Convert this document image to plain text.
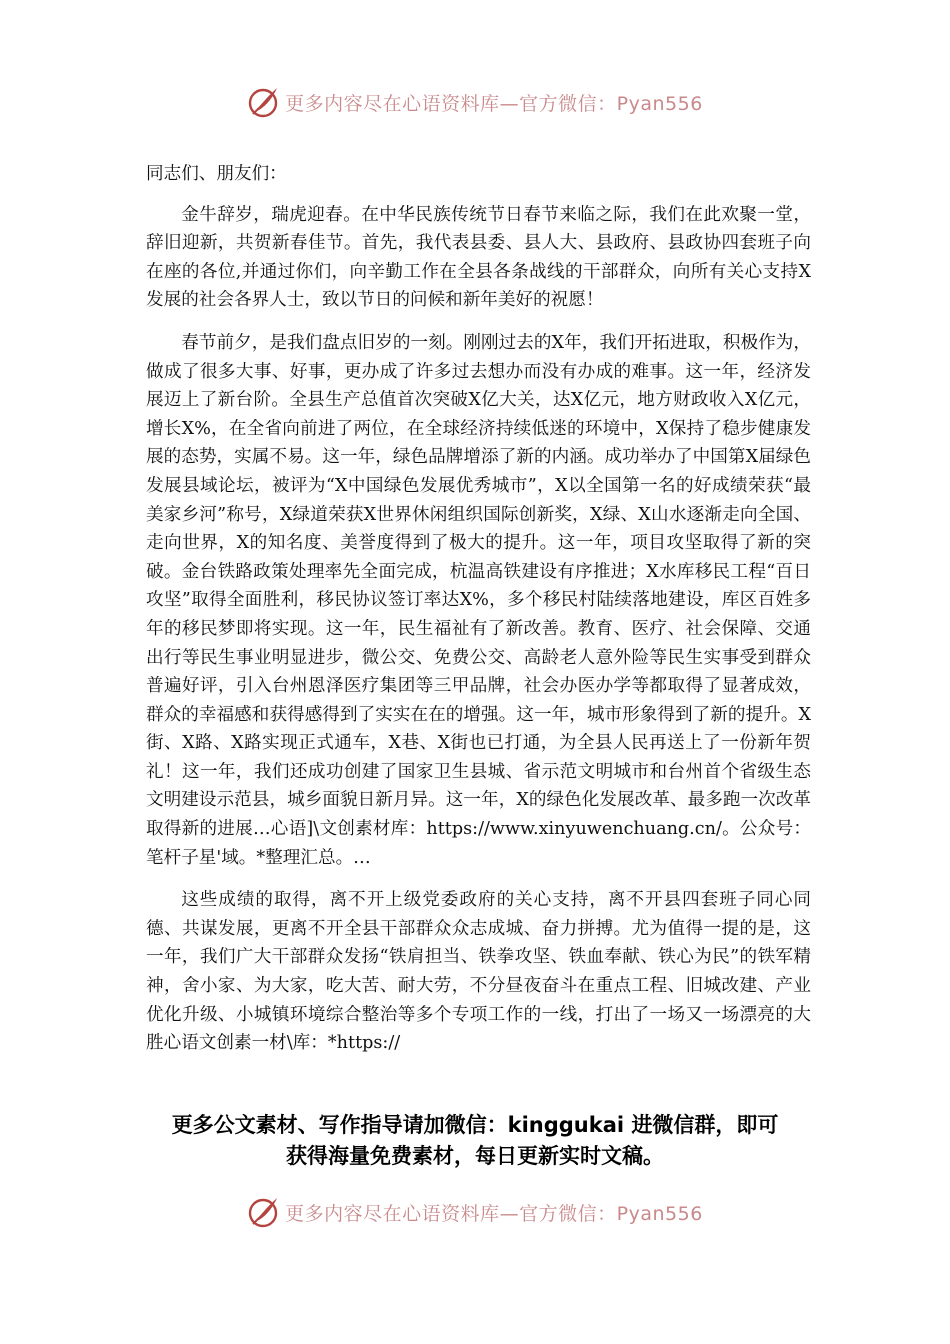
更多内容尽在心语资料库—官方微信：Pyan556

同志们、朋友们：

金牛辞岁，瑞虎迎春。在中华民族传统节日春节来临之际，我们在此欢聚一堂，辞旧迎新，共贺新春佳节。首先，我代表县委、县人大、县政府、县政协四套班子向在座的各位,并通过你们，向辛勤工作在全县各条战线的干部群众，向所有关心支持X发展的社会各界人士，致以节日的问候和新年美好的祝愿！

春节前夕，是我们盘点旧岁的一刻。刚刚过去的X年，我们开拓进取，积极作为，做成了很多大事、好事，更办成了许多过去想办而没有办成的难事。这一年，经济发展迈上了新台阶。全县生产总值首次突破X亿大关，达X亿元，地方财政收入X亿元，增长X%，在全省向前进了两位，在全球经济持续低迷的环境中，X保持了稳步健康发展的态势，实属不易。这一年，绿色品牌增添了新的内涵。成功举办了中国第X届绿色发展县域论坛，被评为“X中国绿色发展优秀城市”，X以全国第一名的好成绩荣获“最美家乡河”称号，X绿道荣获X世界休闲组织国际创新奖，X绿、X山水逐渐走向全国、走向世界，X的知名度、美誉度得到了极大的提升。这一年，项目攻坚取得了新的突破。金台铁路政策处理率先全面完成，杭温高铁建设有序推进；X水库移民工程“百日攻坚”取得全面胜利，移民协议签订率达X%，多个移民村陆续落地建设，库区百姓多年的移民梦即将实现。这一年，民生福祉有了新改善。教育、医疗、社会保障、交通出行等民生事业明显进步，微公交、免费公交、高龄老人意外险等民生实事受到群众普遍好评，引入台州恩泽医疗集团等三甲品牌，社会办医办学等都取得了显著成效，群众的幸福感和获得感得到了实实在在的增强。这一年，城市形象得到了新的提升。X街、X路、X路实现正式通车，X巷、X街也已打通，为全县人民再送上了一份新年贺礼！这一年，我们还成功创建了国家卫生县城、省示范文明城市和台州首个省级生态文明建设示范县，城乡面貌日新月异。这一年，X的绿色化发展改革、最多跑一次改革取得新的进展…心语]\文创素材库：https://www.xinyuwenchuang.cn/。公众号：笔杆子星'域。*整理汇总。…

这些成绩的取得，离不开上级党委政府的关心支持，离不开县四套班子同心同德、共谋发展，更离不开全县干部群众众志成城、奋力拼搏。尤为值得一提的是，这一年，我们广大干部群众发扬“铁肩担当、铁拳攻坚、铁血奉献、铁心为民”的铁军精神，舍小家、为大家，吃大苦、耐大劳，不分昼夜奋斗在重点工程、旧城改建、产业优化升级、小城镇环境综合整治等多个专项工作的一线，打出了一场又一场漂亮的大胜心语文创素一材\库：*https://

更多公文素材、写作指导请加微信：kinggukai 进微信群，即可
获得海量免费素材，每日更新实时文稿。
更多内容尽在心语资料库—官方微信：Pyan556
